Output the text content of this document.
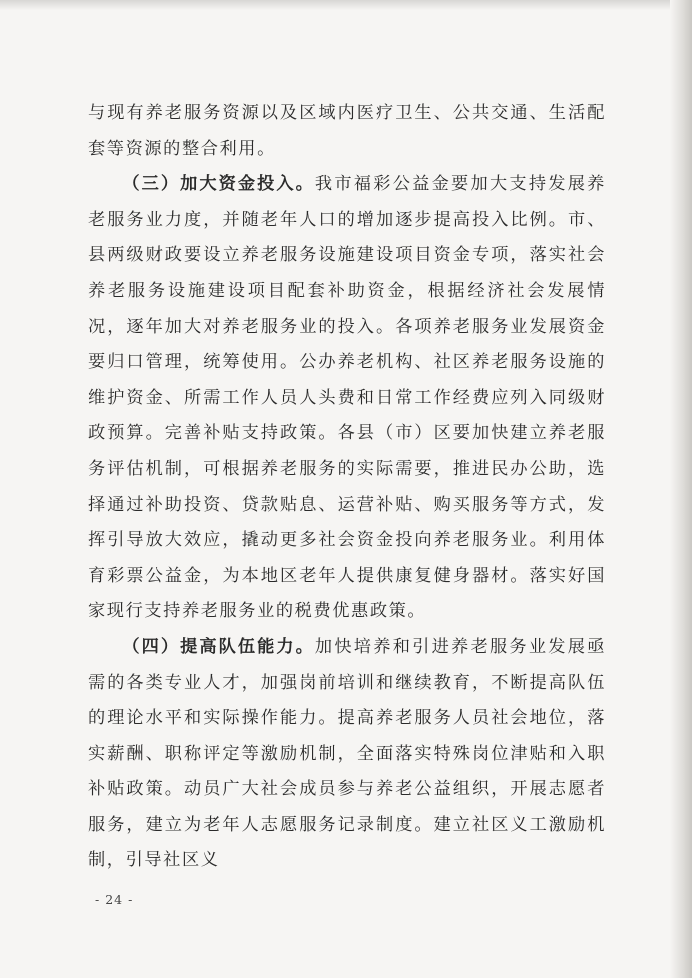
与现有养老服务资源以及区域内医疗卫生、公共交通、生活配套等资源的整合利用。

（三）加大资金投入。我市福彩公益金要加大支持发展养老服务业力度，并随老年人口的增加逐步提高投入比例。市、县两级财政要设立养老服务设施建设项目资金专项，落实社会养老服务设施建设项目配套补助资金，根据经济社会发展情况，逐年加大对养老服务业的投入。各项养老服务业发展资金要归口管理，统筹使用。公办养老机构、社区养老服务设施的维护资金、所需工作人员人头费和日常工作经费应列入同级财政预算。完善补贴支持政策。各县（市）区要加快建立养老服务评估机制，可根据养老服务的实际需要，推进民办公助，选择通过补助投资、贷款贴息、运营补贴、购买服务等方式，发挥引导放大效应，撬动更多社会资金投向养老服务业。利用体育彩票公益金，为本地区老年人提供康复健身器材。落实好国家现行支持养老服务业的税费优惠政策。

（四）提高队伍能力。加快培养和引进养老服务业发展亟需的各类专业人才，加强岗前培训和继续教育，不断提高队伍的理论水平和实际操作能力。提高养老服务人员社会地位，落实薪酬、职称评定等激励机制，全面落实特殊岗位津贴和入职补贴政策。动员广大社会成员参与养老公益组织，开展志愿者服务，建立为老年人志愿服务记录制度。建立社区义工激励机制，引导社区义

- 24 -
